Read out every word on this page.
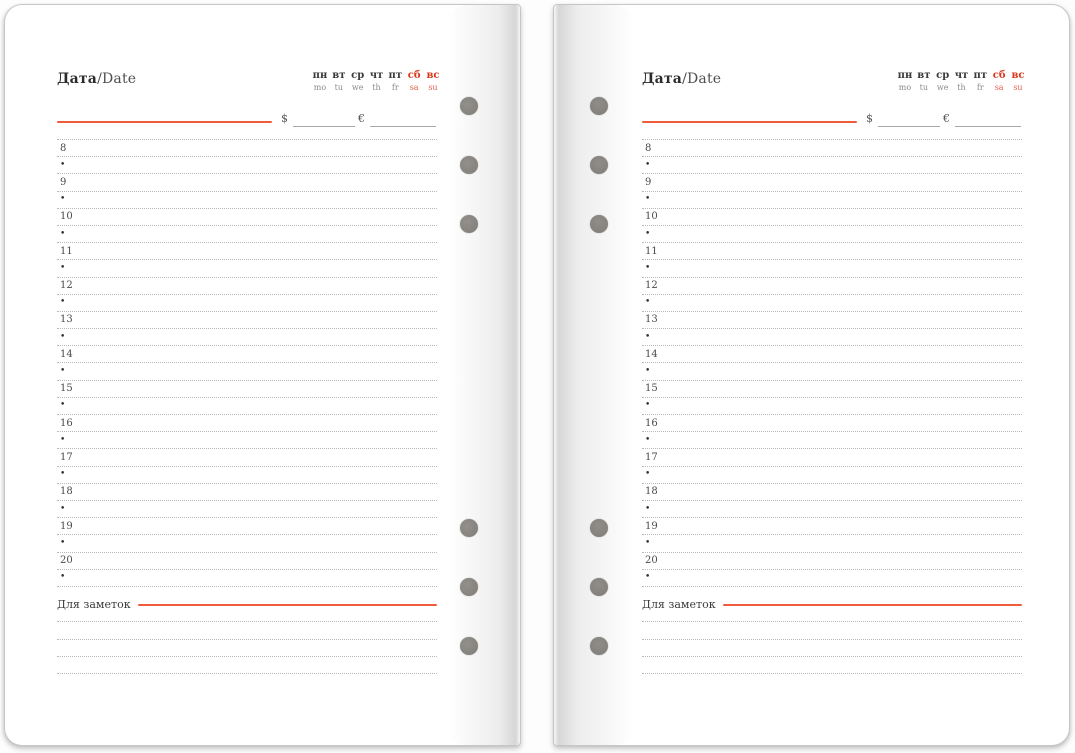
Дата/Date	пн вт ср чт пт сб вс
mo	tu	we	th	fr	sa	su
$	€
8
•
9
•
10
•
11
•
12
•
13
•
14
•
15
•
16
•
17
•
18
•
19
•
20
•
Для заметок
Дата/Date	пн вт ср чт пт сб вс
mo	tu	we	th	fr	sa	su
$	€
8
•
9
•
10
•
11
•
12
•
13
•
14
•
15
•
16
•
17
•
18
•
19
•
20
•
Для заметок
